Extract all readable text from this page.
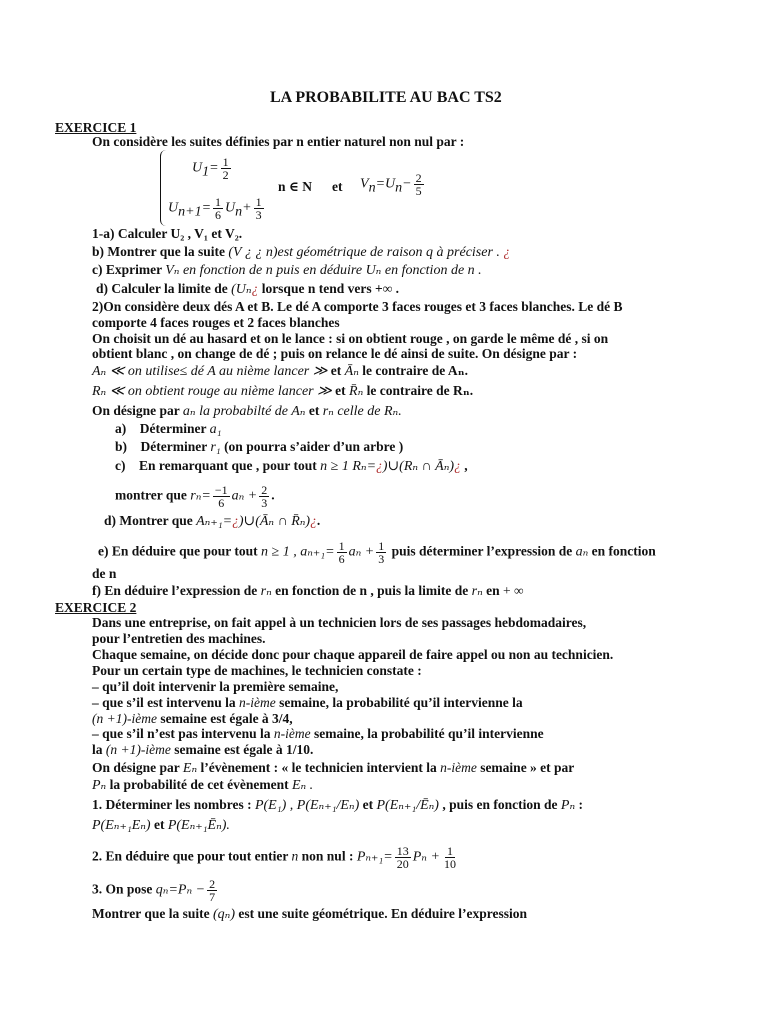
LA PROBABILITE AU BAC TS2
EXERCICE 1
On considère les suites définies par n entier naturel non nul par :
$U_1= \frac{1}{2}$
$U_{n+1}= \frac{1}{6} U_n+ \frac{1}{3}$
n ∈ N et $V_n=U_n- \frac{2}{5}$
1-a) Calculer U₂ , V₁ et V₂.
b) Montrer que la suite (V ¿ ¿ n)est géométrique de raison q à préciser . ¿
c) Exprimer Vₙ en fonction de n puis en déduire Uₙ en fonction de n .
d) Calculer la limite de (Uₙ¿ lorsque n tend vers +∞ .
2)On considère deux dés A et B. Le dé A comporte 3 faces rouges et 3 faces blanches. Le dé B
comporte 4 faces rouges et 2 faces blanches
On choisit un dé au hasard et on le lance : si on obtient rouge , on garde le même dé , si on
obtient blanc , on change de dé ; puis on relance le dé ainsi de suite. On désigne par :
Aₙ ≪ on utilise≤ dé A au nième lancer ≫ et Āₙ le contraire de Aₙ.
Rₙ ≪ on obtient rouge au nième lancer ≫ et R̄ₙ le contraire de Rₙ.
On désigne par aₙ la probabilté de Aₙ et rₙ celle de Rₙ.
a) Déterminer a₁
b) Déterminer r₁ (on pourra s’aider d’un arbre )
c) En remarquant que , pour tout n ≥ 1 Rₙ=¿)∪(Rₙ ∩ Āₙ)¿ ,
montrer que $r_n= \frac{-1}{6}$ $a_n + \frac{2}{3}$ .
d) Montrer que Aₙ₊₁=¿)∪(Āₙ ∩ R̄ₙ)¿.
e) En déduire que pour tout n ≥ 1 , $a_{n+1}= \frac{1}{6}$ $a_n + \frac{1}{3}$ puis déterminer l’expression de aₙ en fonction
de n
f) En déduire l’expression de rₙ en fonction de n , puis la limite de rₙ en + ∞
EXERCICE 2
Dans une entreprise, on fait appel à un technicien lors de ses passages hebdomadaires,
pour l’entretien des machines.
Chaque semaine, on décide donc pour chaque appareil de faire appel ou non au technicien.
Pour un certain type de machines, le technicien constate :
– qu’il doit intervenir la première semaine,
– que s’il est intervenu la n-ième semaine, la probabilité qu’il intervienne la
(n +1)-ième semaine est égale à 3/4,
– que s’il n’est pas intervenu la n-ième semaine, la probabilité qu’il intervienne
la (n +1)-ième semaine est égale à 1/10.
On désigne par Eₙ l’évènement : « le technicien intervient la n-ième semaine » et par
Pₙ la probabilité de cet évènement Eₙ .
1. Déterminer les nombres : P(E₁) , P(Eₙ₊₁/Eₙ) et P(Eₙ₊₁/Ēₙ) , puis en fonction de Pₙ :
P(Eₙ₊₁Eₙ) et P(Eₙ₊₁Ēₙ).
2. En déduire que pour tout entier n non nul : $P_{n+1}= \frac{13}{20}$ $P_n + \frac{1}{10}$
3. On pose $q_n=P_n - \frac{2}{7}$
Montrer que la suite (qₙ) est une suite géométrique. En déduire l’expression
